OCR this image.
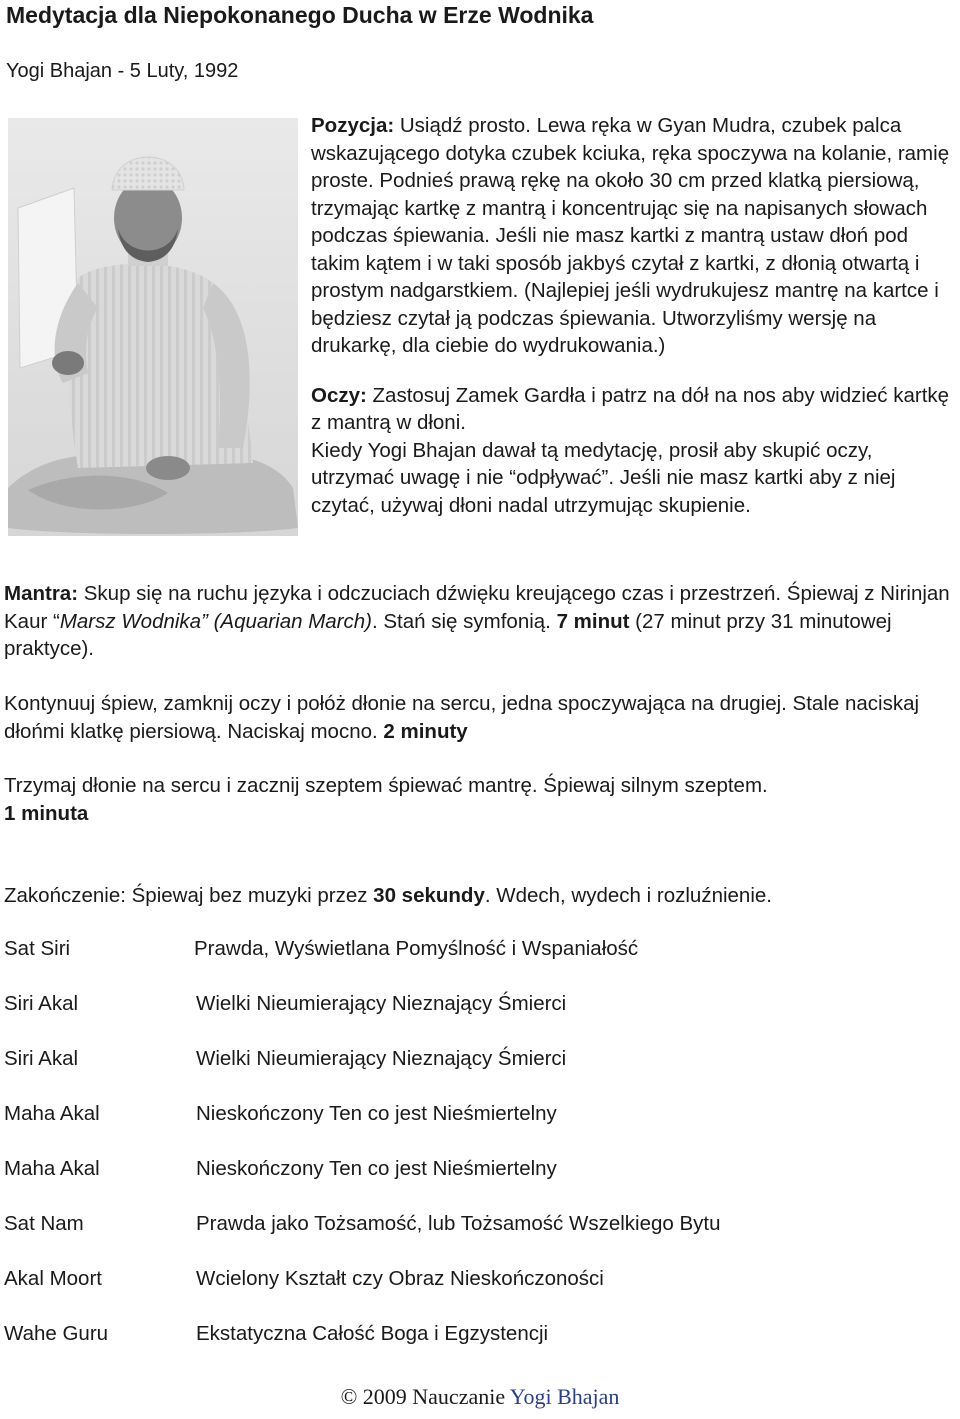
Medytacja dla Niepokonanego Ducha w Erze Wodnika
Yogi Bhajan - 5 Luty, 1992

Pozycja: Usiądź prosto. Lewa ręka w Gyan Mudra, czubek palca wskazującego dotyka czubek kciuka, ręka spoczywa na kolanie, ramię proste. Podnieś prawą rękę na około 30 cm przed klatką piersiową, trzymając kartkę z mantrą i koncentrując się na napisanych słowach podczas śpiewania. Jeśli nie masz kartki z mantrą ustaw dłoń pod takim kątem i w taki sposób jakbyś czytał z kartki, z dłonią otwartą i prostym nadgarstkiem. (Najlepiej jeśli wydrukujesz mantrę na kartce i będziesz czytał ją podczas śpiewania. Utworzyliśmy wersję na drukarkę, dla ciebie do wydrukowania.)

Oczy: Zastosuj Zamek Gardła i patrz na dół na nos aby widzieć kartkę z mantrą w dłoni.

Kiedy Yogi Bhajan dawał tą medytację, prosił aby skupić oczy, utrzymać uwagę i nie “odpływać”. Jeśli nie masz kartki aby z niej czytać, używaj dłoni nadal utrzymując skupienie.

Mantra: Skup się na ruchu języka i odczuciach dźwięku kreującego czas i przestrzeń. Śpiewaj z Nirinjan Kaur “Marsz Wodnika” (Aquarian March). Stań się symfonią. 7 minut (27 minut przy 31 minutowej praktyce).

Kontynuuj śpiew, zamknij oczy i połóż dłonie na sercu, jedna spoczywająca na drugiej. Stale naciskaj dłońmi klatkę piersiową. Naciskaj mocno. 2 minuty

Trzymaj dłonie na sercu i zacznij szeptem śpiewać mantrę. Śpiewaj silnym szeptem.

1 minuta

Zakończenie: Śpiewaj bez muzyki przez 30 sekundy. Wdech, wydech i rozluźnienie.

Sat Siri	Prawda, Wyświetlana Pomyślność i Wspaniałość
Siri Akal	Wielki Nieumierający Nieznający Śmierci
Siri Akal	Wielki Nieumierający Nieznający Śmierci
Maha Akal	Nieskończony Ten co jest Nieśmiertelny
Maha Akal	Nieskończony Ten co jest Nieśmiertelny
Sat Nam	Prawda jako Tożsamość, lub Tożsamość Wszelkiego Bytu
Akal Moort	Wcielony Kształt czy Obraz Nieskończoności
Wahe Guru	Ekstatyczna Całość Boga i Egzystencji
© 2009 Nauczanie Yogi Bhajan
